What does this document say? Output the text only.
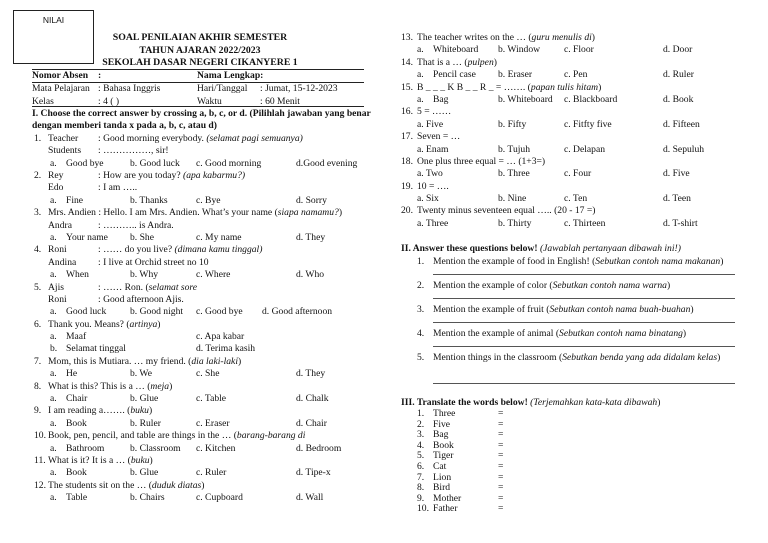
NILAI
SOAL PENILAIAN AKHIR SEMESTER
TAHUN AJARAN 2022/2023
SEKOLAH DASAR NEGERI CIKANYERE 1
Nomor Absen :	Nama Lengkap:
Mata Pelajaran : Bahasa Inggris	Hari/Tanggal : Jumat, 15-12-2023
Kelas	: 4 ( )	Waktu	: 60 Menit
I. Choose the correct answer by crossing a, b, c, or d. (Pilihlah jawaban yang benar dengan memberi tanda x pada a, b, c, atau d)
1. Teacher : Good morning everybody. (selamat pagi semuanya)
Students : ……………, sir!
a. Good bye	b. Good luck c. Good morning	d.Good evening
2. Rey	: How are you today? (apa kabarmu?)
Edo	: I am …..
a. Fine	b. Thanks	c. Bye	d. Sorry
3. Mrs. Andien : Hello. I am Mrs. Andien. What’s your name (siapa namamu?)
Andra	: ……….. is Andra.
a. Your name b. She	c. My name	d. They
4. Roni	: …… do you live? (dimana kamu tinggal)
Andina : I live at Orchid street no 10
a. When	b. Why	c. Where	d. Who
5. Ajis	: …… Ron. (selamat sore
Roni	: Good afternoon Ajis.
a. Good luck b. Good night c. Good bye d. Good afternoon
6. Thank you. Means? (artinya)
a. Maaf	c. Apa kabar
b. Selamat tinggal	d. Terima kasih
7. Mom, this is Mutiara. … my friend. (dia laki-laki)
a. He	b. We	c. She	d. They
8. What is this? This is a … (meja)
a. Chair	b. Glue	c. Table	d. Chalk
9. I am reading a……. (buku)
a. Book	b. Ruler	c. Eraser	d. Chair
10. Book, pen, pencil, and table are things in the … (barang-barang di
a. Bathroom	b. Classroom c. Kitchen	d. Bedroom
11. What is it? It is a … (buku)
a. Book	b. Glue	c. Ruler	d. Tipe-x
12. The students sit on the … (duduk diatas)
a. Table	b. Chairs	c. Cupboard	d. Wall
13. The teacher writes on the … (guru menulis di)
a. Whiteboard b. Window c. Floor	d. Door
14. That is a … (pulpen)
a. Pencil case b. Eraser	c. Pen	d. Ruler
15. B _ _ _ K B _ _ R _ = ……. (papan tulis hitam)
a. Bag	b. Whiteboard c. Blackboard	d. Book
16. 5 = ……
a. Five	b. Fifty	c. Fitfty five	d. Fifteen
17. Seven = …
a. Enam	b. Tujuh	c. Delapan	d. Sepuluh
18. One plus three equal = … (1+3=)
a. Two	b. Three	c. Four	d. Five
19. 10 = ….
a. Six	b. Nine	c. Ten	d. Teen
20. Twenty minus seventeen equal ….. (20 - 17 =)
a. Three	b. Thirty	c. Thirteen	d. T-shirt
II. Answer these questions below! (Jawablah pertanyaan dibawah ini!)
1. Mention the example of food in English! (Sebutkan contoh nama makanan)
2. Mention the example of color (Sebutkan contoh nama warna)
3. Mention the example of fruit (Sebutkan contoh nama buah-buahan)
4. Mention the example of animal (Sebutkan contoh nama binatang)
5. Mention things in the classroom (Sebutkan benda yang ada didalam kelas)
III. Translate the words below! (Terjemahkan kata-kata dibawah)
1. Three	=
2. Five	=
3. Bag	=
4. Book	=
5. Tiger	=
6. Cat	=
7. Lion	=
8. Bird	=
9. Mother	=
10. Father	=
